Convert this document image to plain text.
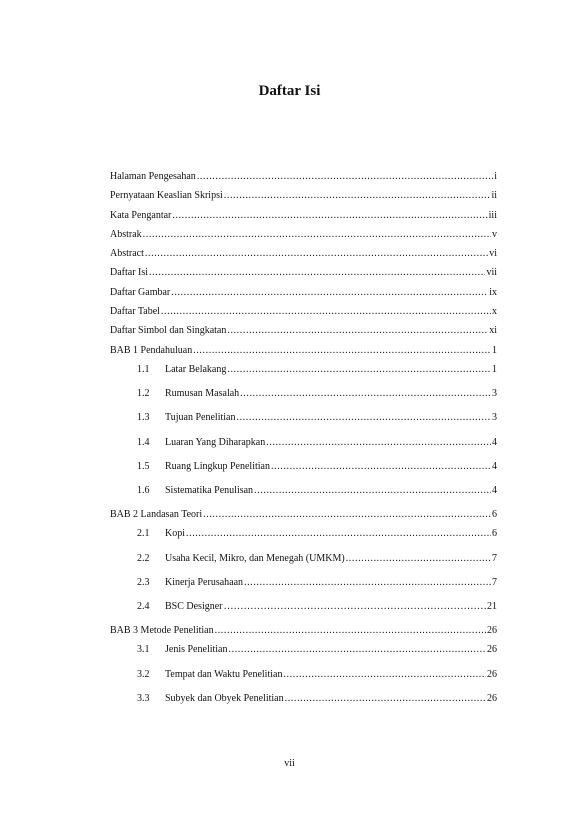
Daftar Isi
Halaman Pengesahan .....	i
Pernyataan Keaslian Skripsi .....	ii
Kata Pengantar .....	iii
Abstrak .....	v
Abstract .....	vi
Daftar Isi .....	vii
Daftar Gambar .....	ix
Daftar Tabel .....	x
Daftar Simbol dan Singkatan .....	xi
BAB 1 Pendahuluan .....	1
1.1	Latar Belakang .....	1
1.2	Rumusan Masalah .....	3
1.3	Tujuan Penelitian .....	3
1.4	Luaran Yang Diharapkan .....	4
1.5	Ruang Lingkup Penelitian .....	4
1.6	Sistematika Penulisan .....	4
BAB 2 Landasan Teori .....	6
2.1	Kopi .....	6
2.2	Usaha Kecil, Mikro, dan Menegah (UMKM) .....	7
2.3	Kinerja Perusahaan .....	7
2.4	BSC Designer …………………………………………………………………………………………………………	21
BAB 3 Metode Penelitian .....	26
3.1	Jenis Penelitian .....	26
3.2	Tempat dan Waktu Penelitian .....	26
3.3	Subyek dan Obyek Penelitian .....	26
vii
